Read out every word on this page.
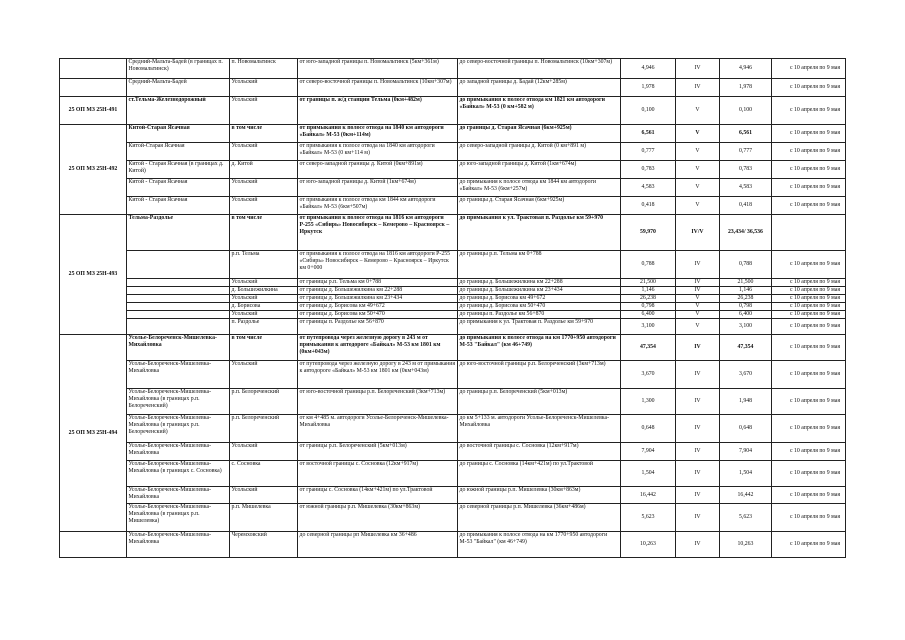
	Средний-Мальта-Бадей (в границах п. Новомальтинск)	п. Новомальтинск	от юго-западной границы п. Новомальтинск (5км+361м)	до северо-восточной границы п. Новомальтинск (10км+307м)	4,946	IV	4,946	с 10 апреля по 9 мая
	Средний-Мальта-Бадей	Усольский	от северо-восточной границы п. Новомальтинск (10км+307м)	до западной границы д. Бадай (12км+285м)	1,978	IV	1,978	с 10 апреля по 9 мая
25 ОП МЗ 25Н-491	ст.Тельма-Железнодорожный	Усольский	от границы п. ж/д станции Тельма (0км+482м)	до примыкания к полосе отвода км 1821 км автодороги «Байкал» М-53 (0 км+582 м)	0,100	V	0,100	с 10 апреля по 9 мая
25 ОП МЗ 25Н-492	Китой-Старая Ясачная	в том числе	от примыкания к полосе отвода на 1840 км автодороги «Байкал» М-53 (0км+114м)	до границы д. Старая Ясачная (6км+925м)	6,561	V	6,561	с 10 апреля по 9 мая
	Китой-Старая Ясачная	Усольский	от примыкания к полосе отвода на 1840 км автодороги «Байкал» М-53 (0 км+114 м)	до северо-западной границы д. Китой (0 км+891 м)	0,777	V	0,777	с 10 апреля по 9 мая
	Китой - Старая Ясачная (в границах д. Китой)	д. Китой	от северо-западной границы д. Китой (0км+891м)	до юго-западной границы д. Китой (1км+674м)	0,783	V	0,783	с 10 апреля по 9 мая
	Китой - Старая Ясачная	Усольский	от юго-западной границы д. Китой (1км+674м)	до примыкания к полосе отвода км 1844 км автодороги «Байкал» М-53 (6км+257м)	4,583	V	4,583	с 10 апреля по 9 мая
	Китой - Старая Ясачная	Усольский	от примыкания к полосе отвода км 1844 км автодороги «Байкал» М-53 (6км+507м)	до границы д. Старая Ясачная (6км+925м)	0,418	V	0,418	с 10 апреля по 9 мая
25 ОП МЗ 25Н-493	Тельма-Раздолье	в том числе	от примыкания к полосе отвода на 1816 км автодороги Р-255 «Сибирь» Новосибирск – Кемерово – Красноярск – Иркутск	до примыкания к ул. Трактовая п. Раздолье км 59+970	59,970	IV/V	23,434/ 36,536	
		р.п. Тельма	от примыкания к полосе отвода на 1816 км автодороги Р-255 «Сибирь» Новосибирск – Кемерово – Красноярск – Иркутск км 0+000	до границы р.п. Тельма км 0+788	0,788	IV	0,788	с 10 апреля по 9 мая
		Усольский	от границы р.п. Тельма км 0+788	до границы д. Большежилкина км 22+288	21,500	IV	21,500	с 10 апреля по 9 мая
		д. Большежилкина	от границы д. Большежилкина км 22+288	до границы д. Большежилкина км 23+434	1,146	IV	1,146	с 10 апреля по 9 мая
		Усольский	от границы д. Большежилкина км 23+434	до границы д. Борисова км 49+672	26,238	V	26,238	с 10 апреля по 9 мая
		д. Борисова	от границы д. Борисова км 49+672	до границы д. Борисова км 50+470	0,798	V	0,798	с 10 апреля по 9 мая
		Усольский	от границы д. Борисова км 50+470	до границы п. Раздолье км 56+870	6,400	V	6,400	с 10 апреля по 9 мая
		п. Раздолье	от границы п. Раздолье км 56+870	до примыкания к ул. Трактовая п. Раздолье км 59+970	3,100	V	3,100	с 10 апреля по 9 мая
25 ОП МЗ 25Н-494	Усолье-Белореченск-Мишелевка-Михайловка	в том числе	от путепровода через железную дорогу в 243 м от примыкания к автодороге «Байкал» М-53 км 1801 км (0км+043м)	до примыкания к полосе отвода на км 1770+950 автодороги М-53 "Байкал" (км 46+749)	47,354	IV	47,354	с 10 апреля по 9 мая
	Усолье-Белореченск-Мишелевка-Михайловка	Усольский	от путепровода через железную дорогу в 243 м от примыкания к автодороге «Байкал» М-53 км 1801 км (0км+043м)	до юго-восточной границы р.п. Белореченский (3км+713м)	3,670	IV	3,670	с 10 апреля по 9 мая
	Усолье-Белореченск-Мишелевка-Михайловка (в границах р.п. Белореченский)	р.п. Белореченский	от юго-восточной границы р.п. Белореченский (3км+713м)	до границы р.п. Белореченский (5км+013м)	1,300	IV	1,948	с 10 апреля по 9 мая
	Усолье-Белореченск-Мишелевка-Михайловка (в границах р.п. Белореченский)	р.п. Белореченский	от км 4+485 м. автодороги Усолье-Белореченск-Мишелевка-Михайловка	до км 5+133 м. автодороги Усолье-Белореченск-Мишелевка-Михайловка	0,648	IV	0,648	с 10 апреля по 9 мая
	Усолье-Белореченск-Мишелевка-Михайловка	Усольский	от границы р.п. Белореченский (5км+013м)	до восточной границы с. Сосновка (12км+917м)	7,904	IV	7,904	с 10 апреля по 9 мая
	Усолье-Белореченск-Мишелевка-Михайловка (в границах с. Сосновка)	с. Сосновка	от восточной границы с. Сосновка (12км+917м)	до границы с. Сосновка (14км+421м) по ул.Трактовой	1,504	IV	1,504	с 10 апреля по 9 мая
	Усолье-Белореченск-Мишелевка-Михайловка	Усольский	от границы с. Сосновка (14км+421м) по ул.Трактовой	до южной границы р.п. Мишелевка (30км+863м)	16,442	IV	16,442	с 10 апреля по 9 мая
	Усолье-Белореченск-Мишелевка-Михайловка (в границах р.п. Мишелевка)	р.п. Мишелевка	от южной границы р.п. Мишелевка (30км+863м)	до северной границы р.п. Мишелевка (36км+486м)	5,623	IV	5,623	с 10 апреля по 9 мая
	Усолье-Белореченск-Мишелевка-Михайловка	Черемховский	до северной границы рп Мишелевка км 36+486	до примыкания к полосе отвода на км 1770+950 автодороги М-53 "Байкал" (км 46+749)	10,263	IV	10,263	с 10 апреля по 9 мая
